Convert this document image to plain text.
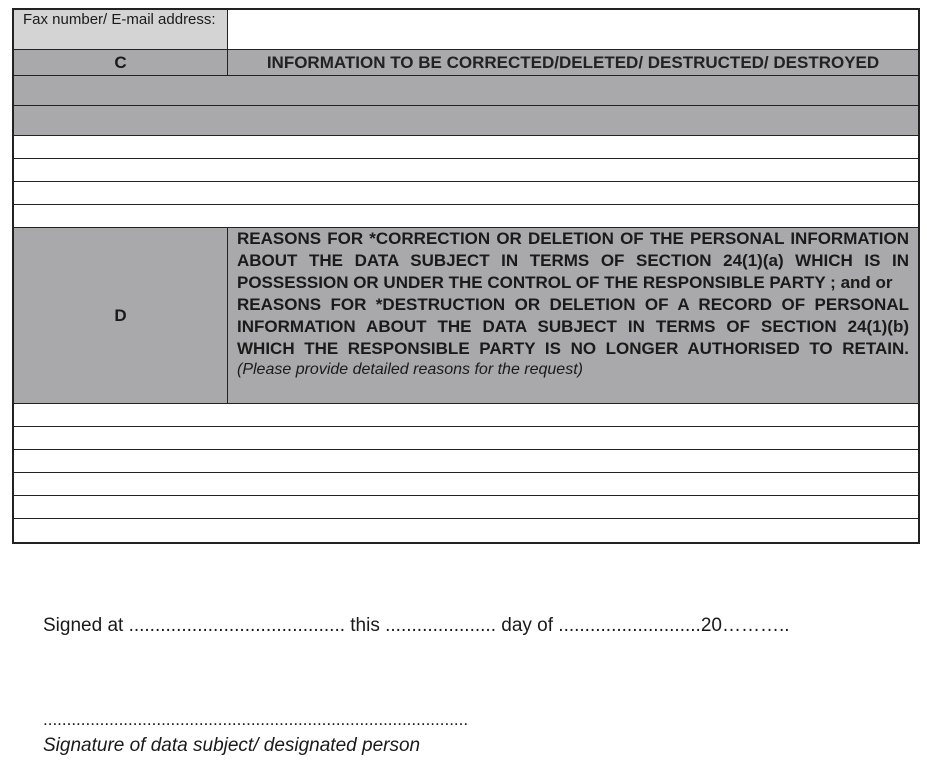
Fax number/ E-mail address:
C	INFORMATION TO BE CORRECTED/DELETED/ DESTRUCTED/ DESTROYED
D

REASONS FOR *CORRECTION OR DELETION OF THE PERSONAL INFORMATION ABOUT THE DATA SUBJECT IN TERMS OF SECTION 24(1)(a) WHICH IS IN POSSESSION OR UNDER THE CONTROL OF THE RESPONSIBLE PARTY ; and or

REASONS FOR *DESTRUCTION OR DELETION OF A RECORD OF PERSONAL INFORMATION ABOUT THE DATA SUBJECT IN TERMS OF SECTION 24(1)(b) WHICH THE RESPONSIBLE PARTY IS NO LONGER AUTHORISED TO RETAIN.

(Please provide detailed reasons for the request)
Signed at ......................................... this ..................... day of ...........................20………..
..........................................................................................
Signature of data subject/ designated person
